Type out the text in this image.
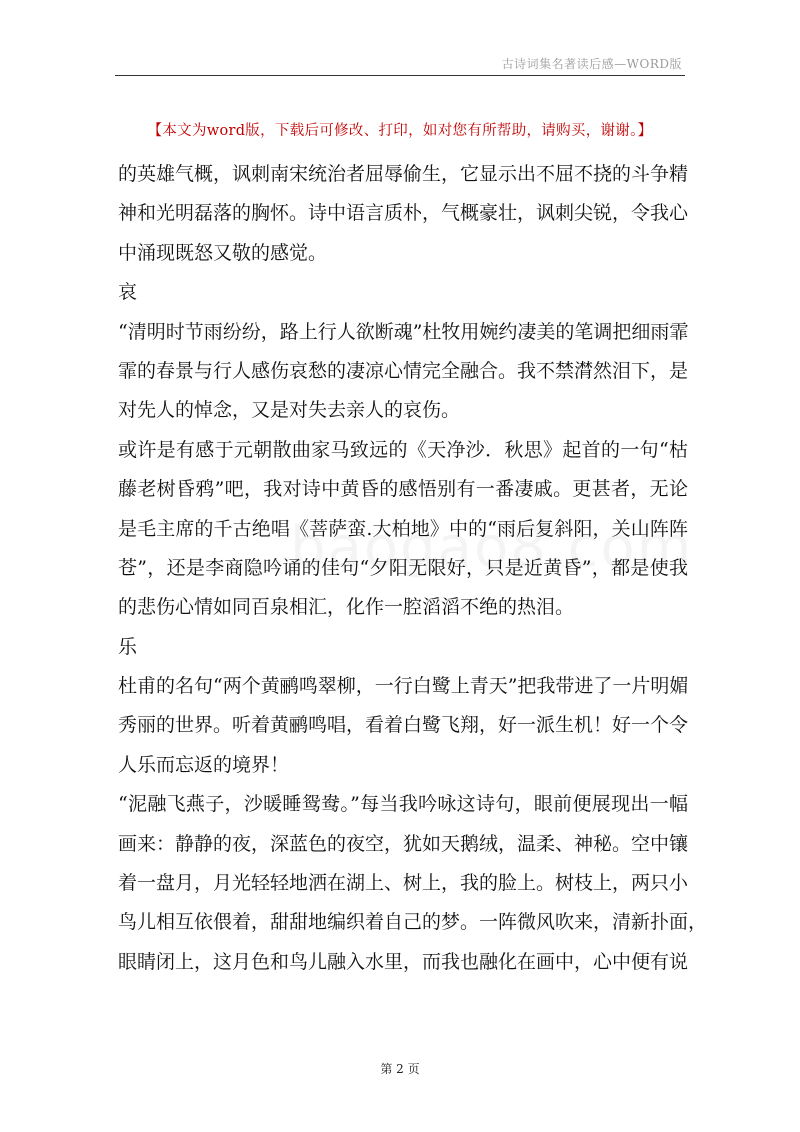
古诗词集名著读后感—WORD版
【本文为word版，下载后可修改、打印，如对您有所帮助，请购买，谢谢。】
的英雄气概，讽刺南宋统治者屈辱偷生，它显示出不屈不挠的斗争精
神和光明磊落的胸怀。诗中语言质朴，气概豪壮，讽刺尖锐，令我心
中涌现既怒又敬的感觉。
哀
“清明时节雨纷纷，路上行人欲断魂”杜牧用婉约凄美的笔调把细雨霏
霏的春景与行人感伤哀愁的凄凉心情完全融合。我不禁潸然泪下，是
对先人的悼念，又是对失去亲人的哀伤。
或许是有感于元朝散曲家马致远的《天净沙．秋思》起首的一句“枯
藤老树昏鸦”吧，我对诗中黄昏的感悟别有一番凄戚。更甚者，无论
是毛主席的千古绝唱《菩萨蛮.大柏地》中的“雨后复斜阳，关山阵阵
苍”，还是李商隐吟诵的佳句“夕阳无限好，只是近黄昏”，都是使我
的悲伤心情如同百泉相汇，化作一腔滔滔不绝的热泪。
乐
杜甫的名句“两个黄鹂鸣翠柳，一行白鹭上青天”把我带进了一片明媚
秀丽的世界。听着黄鹂鸣唱，看着白鹭飞翔，好一派生机！好一个令
人乐而忘返的境界！
“泥融飞燕子，沙暖睡鸳鸯。”每当我吟咏这诗句，眼前便展现出一幅
画来：静静的夜，深蓝色的夜空，犹如天鹅绒，温柔、神秘。空中镶
着一盘月，月光轻轻地洒在湖上、树上，我的脸上。树枝上，两只小
鸟儿相互依偎着，甜甜地编织着自己的梦。一阵微风吹来，清新扑面，
眼睛闭上，这月色和鸟儿融入水里，而我也融化在画中，心中便有说
第 2 页
